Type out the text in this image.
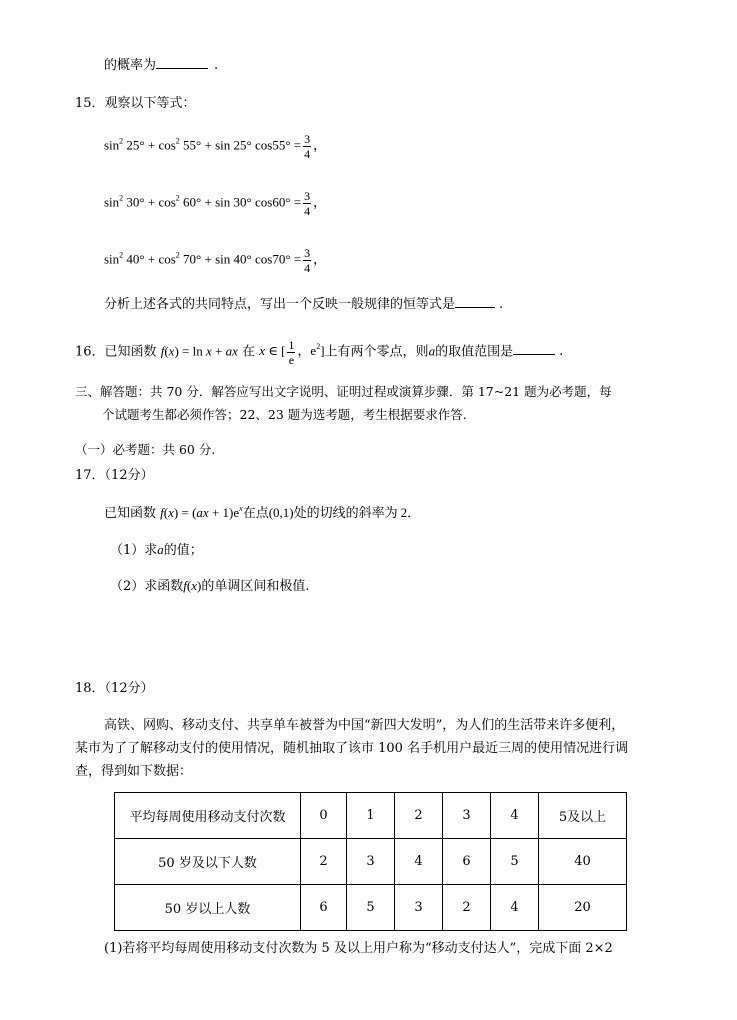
的概率为	.
15．观察以下等式：
$\sin^2 25^\circ + \cos^2 55^\circ + \sin 25^\circ$ $\cos 55^\circ = \frac{3}{4}$ ，
$\sin^2 30^\circ + \cos^2 60^\circ + \sin 30^\circ$ $\cos 60^\circ = \frac{3}{4}$ ，
$\sin^2 40^\circ + \cos^2 70^\circ + \sin 40^\circ$ $\cos 70^\circ = \frac{3}{4}$ ，
分析上述各式的共同特点，写出一个反映一般规律的恒等式是	.
16．已知函数 f(x) = ln x + ax 在 x ∈ [ $\frac{1}{e}$ ，$e^2$]上有两个零点，则a的取值范围是	.
三、解答题：共 70 分．解答应写出文字说明、证明过程或演算步骤．第 17~21 题为必考题，每
个试题考生都必须作答；22、23 题为选考题，考生根据要求作答.
（一）必考题：共 60 分.
17．（12分）
已知函数 $f(x) = (ax + 1)e^x$在点(0,1)处的切线的斜率为 2．
（1）求a的值；
（2）求函数f(x)的单调区间和极值.
18．（12分）
高铁、网购、移动支付、共享单车被誉为中国“新四大发明”，为人们的生活带来许多便利，
某市为了了解移动支付的使用情况，随机抽取了该市 100 名手机用户最近三周的使用情况进行调
查，得到如下数据：
平均每周使用移动支付次数	0	1	2	3	4	5及以上
50 岁及以下人数	2	3	4	6	5	40
50 岁以上人数	6	5	3	2	4	20
(1)若将平均每周使用移动支付次数为 5 及以上用户称为“移动支付达人”，完成下面 2×2
